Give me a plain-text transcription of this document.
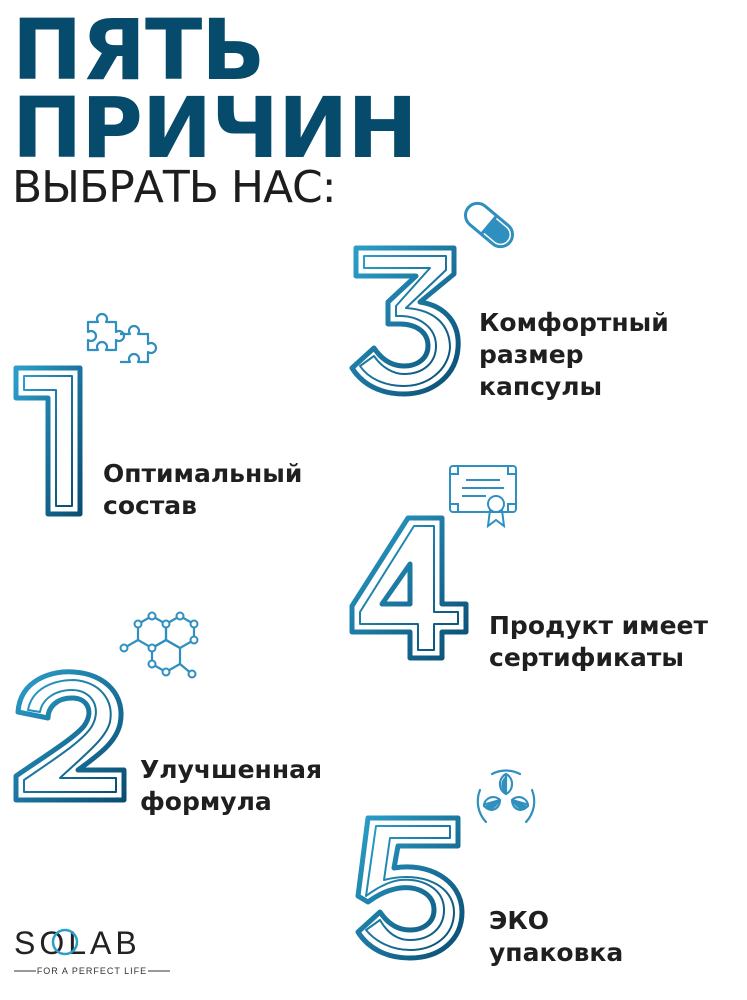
ПЯТЬ
ПРИЧИН
ВЫБРАТЬ НАС:

Оптимальный
состав

Улучшенная
формула

Комфортный
размер
капсулы

Продукт имеет
сертификаты

ЭКО
упаковка

SOLAB
FOR A PERFECT LIFE
